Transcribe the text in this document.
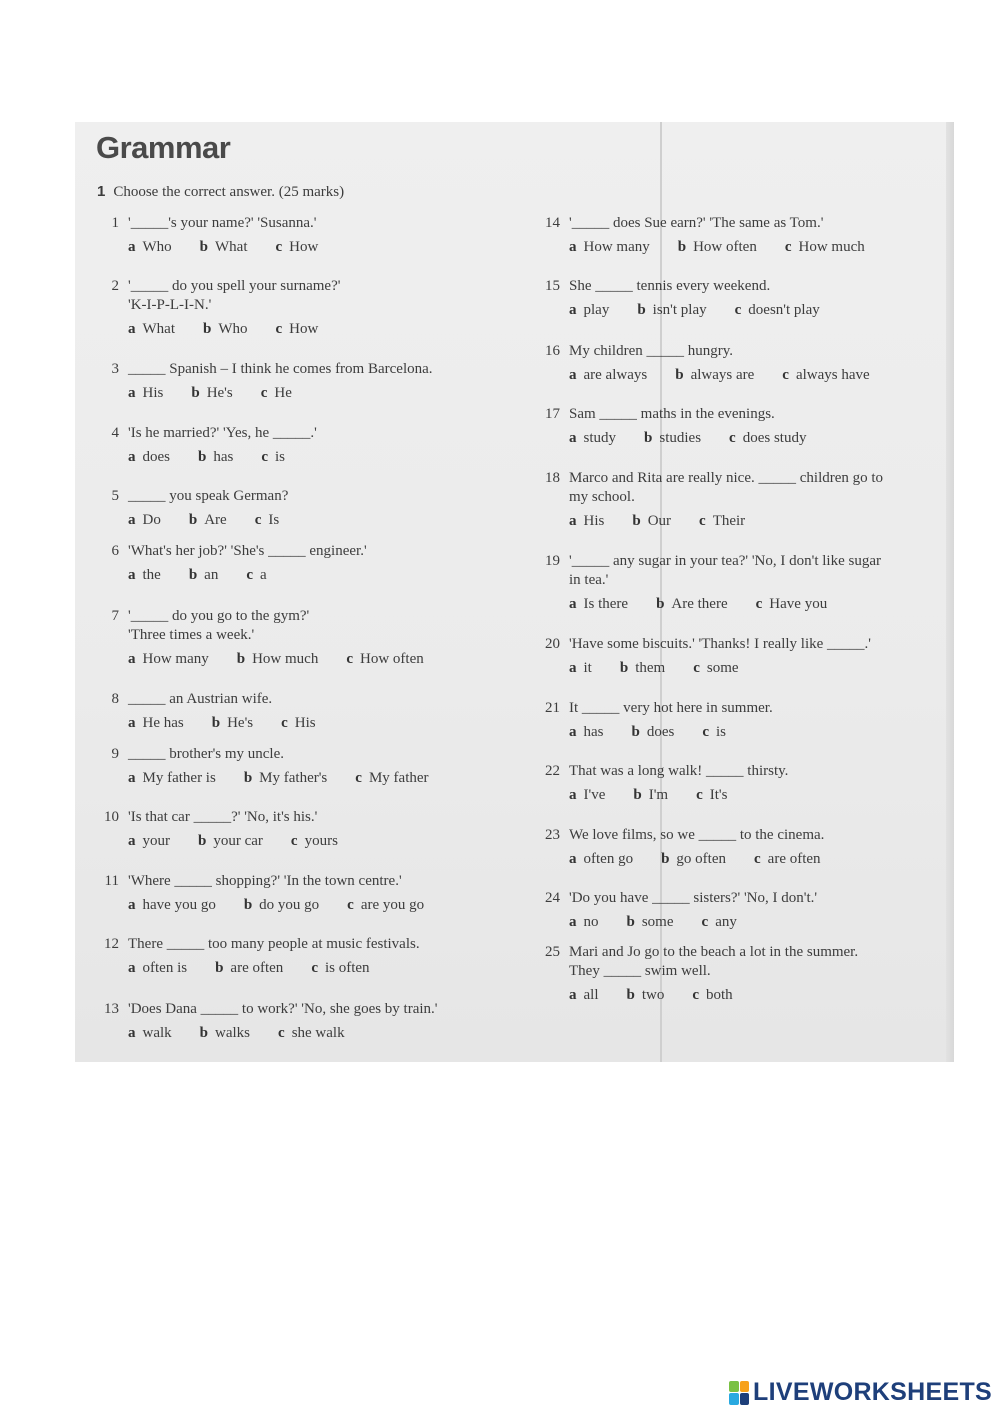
Grammar
1 Choose the correct answer. (25 marks)
1 '_____'s your name?' 'Susanna.'
a Who b What c How
2 '_____ do you spell your surname?'
'K-I-P-L-I-N.'
a What b Who c How
3 _____ Spanish – I think he comes from Barcelona.
a His b He's c He
4 'Is he married?' 'Yes, he _____.'
a does b has c is
5 _____ you speak German?
a Do b Are c Is
6 'What's her job?' 'She's _____ engineer.'
a the b an c a
7 '_____ do you go to the gym?'
'Three times a week.'
a How many b How much c How often
8 _____ an Austrian wife.
a He has b He's c His
9 _____ brother's my uncle.
a My father is b My father's c My father
10 'Is that car _____?' 'No, it's his.'
a your b your car c yours
11 'Where _____ shopping?' 'In the town centre.'
a have you go b do you go c are you go
12 There _____ too many people at music festivals.
a often is b are often c is often
13 'Does Dana _____ to work?' 'No, she goes by train.'
a walk b walks c she walk
14 '_____ does Sue earn?' 'The same as Tom.'
a How many b How often c How much
15 She _____ tennis every weekend.
a play b isn't play c doesn't play
16 My children _____ hungry.
a are always b always are c always have
17 Sam _____ maths in the evenings.
a study b studies c does study
18 Marco and Rita are really nice. _____ children go to
my school.
a His b Our c Their
19 '_____ any sugar in your tea?' 'No, I don't like sugar
in tea.'
a Is there b Are there c Have you
20 'Have some biscuits.' 'Thanks! I really like _____.'
a it b them c some
21 It _____ very hot here in summer.
a has b does c is
22 That was a long walk! _____ thirsty.
a I've b I'm c It's
23 We love films, so we _____ to the cinema.
a often go b go often c are often
24 'Do you have _____ sisters?' 'No, I don't.'
a no b some c any
25 Mari and Jo go to the beach a lot in the summer.
They _____ swim well.
a all b two c both
LIVEWORKSHEETS
